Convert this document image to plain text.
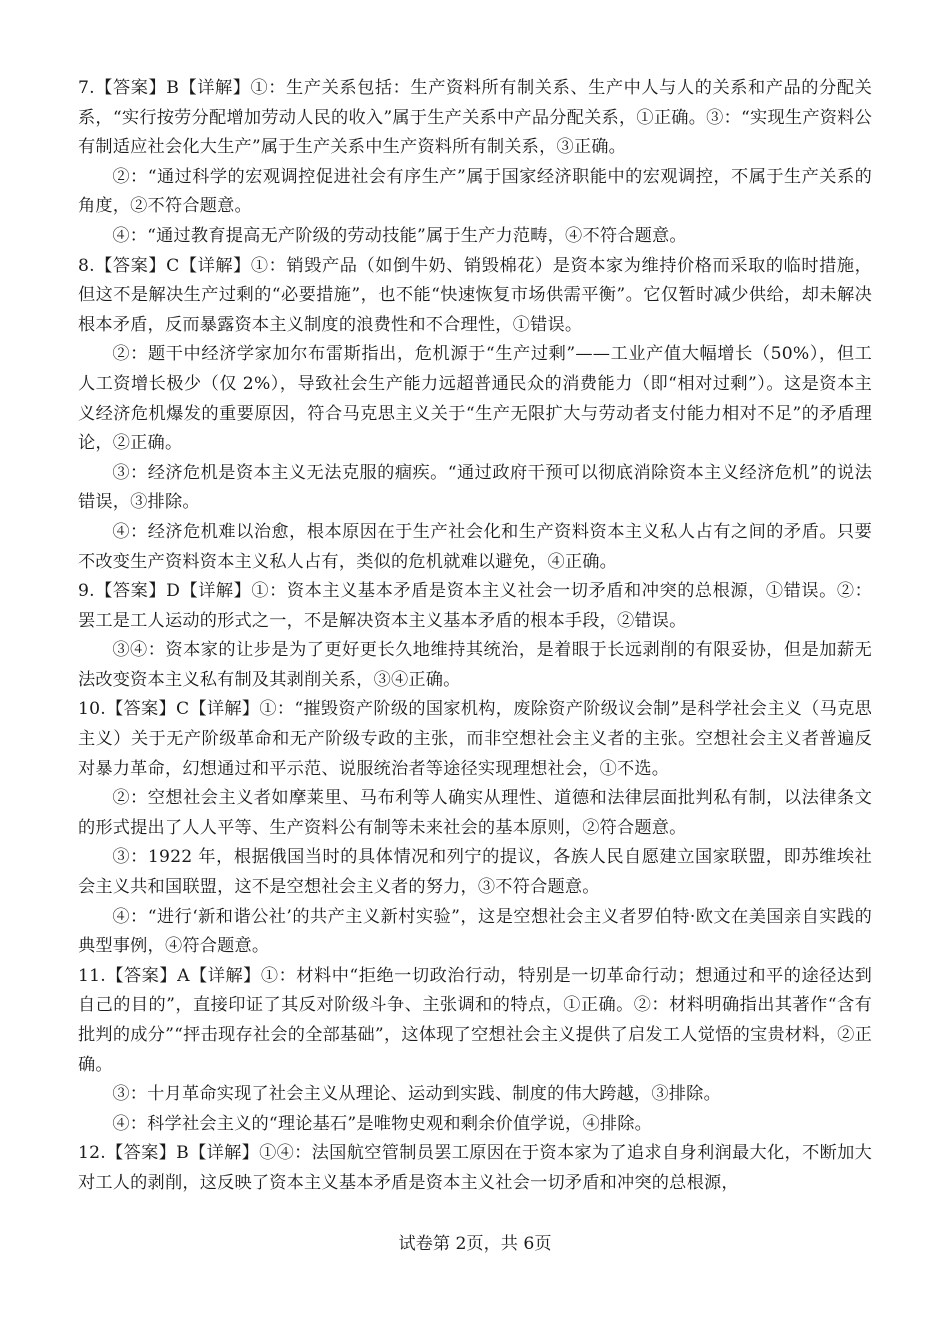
7.【答案】B【详解】①：生产关系包括：生产资料所有制关系、生产中人与人的关系和产品的分配关系，“实行按劳分配增加劳动人民的收入”属于生产关系中产品分配关系，①正确。③：“实现生产资料公有制适应社会化大生产”属于生产关系中生产资料所有制关系，③正确。

②：“通过科学的宏观调控促进社会有序生产”属于国家经济职能中的宏观调控，不属于生产关系的角度，②不符合题意。

④：“通过教育提高无产阶级的劳动技能”属于生产力范畴，④不符合题意。

8.【答案】C【详解】①：销毁产品（如倒牛奶、销毁棉花）是资本家为维持价格而采取的临时措施，但这不是解决生产过剩的“必要措施”，也不能“快速恢复市场供需平衡”。它仅暂时减少供给，却未解决根本矛盾，反而暴露资本主义制度的浪费性和不合理性，①错误。

②：题干中经济学家加尔布雷斯指出，危机源于“生产过剩”——工业产值大幅增长（50%），但工人工资增长极少（仅 2%），导致社会生产能力远超普通民众的消费能力（即“相对过剩”）。这是资本主义经济危机爆发的重要原因，符合马克思主义关于“生产无限扩大与劳动者支付能力相对不足”的矛盾理论，②正确。

③：经济危机是资本主义无法克服的痼疾。“通过政府干预可以彻底消除资本主义经济危机”的说法错误，③排除。

④：经济危机难以治愈，根本原因在于生产社会化和生产资料资本主义私人占有之间的矛盾。只要不改变生产资料资本主义私人占有，类似的危机就难以避免，④正确。

9.【答案】D【详解】①：资本主义基本矛盾是资本主义社会一切矛盾和冲突的总根源，①错误。②：罢工是工人运动的形式之一，不是解决资本主义基本矛盾的根本手段，②错误。

③④：资本家的让步是为了更好更长久地维持其统治，是着眼于长远剥削的有限妥协，但是加薪无法改变资本主义私有制及其剥削关系，③④正确。

10.【答案】C【详解】①：“摧毁资产阶级的国家机构，废除资产阶级议会制”是科学社会主义（马克思主义）关于无产阶级革命和无产阶级专政的主张，而非空想社会主义者的主张。空想社会主义者普遍反对暴力革命，幻想通过和平示范、说服统治者等途径实现理想社会，①不选。

②：空想社会主义者如摩莱里、马布利等人确实从理性、道德和法律层面批判私有制，以法律条文的形式提出了人人平等、生产资料公有制等未来社会的基本原则，②符合题意。

③：1922 年，根据俄国当时的具体情况和列宁的提议，各族人民自愿建立国家联盟，即苏维埃社会主义共和国联盟，这不是空想社会主义者的努力，③不符合题意。

④：“进行‘新和谐公社’的共产主义新村实验”，这是空想社会主义者罗伯特·欧文在美国亲自实践的典型事例，④符合题意。

11.【答案】A【详解】①：材料中“拒绝一切政治行动，特别是一切革命行动；想通过和平的途径达到自己的目的”，直接印证了其反对阶级斗争、主张调和的特点，①正确。②：材料明确指出其著作“含有批判的成分”“抨击现存社会的全部基础”，这体现了空想社会主义提供了启发工人觉悟的宝贵材料，②正确。

③：十月革命实现了社会主义从理论、运动到实践、制度的伟大跨越，③排除。

④：科学社会主义的“理论基石”是唯物史观和剩余价值学说，④排除。

12.【答案】B【详解】①④：法国航空管制员罢工原因在于资本家为了追求自身利润最大化，不断加大对工人的剥削，这反映了资本主义基本矛盾是资本主义社会一切矛盾和冲突的总根源，

试卷第 2页，共 6页
